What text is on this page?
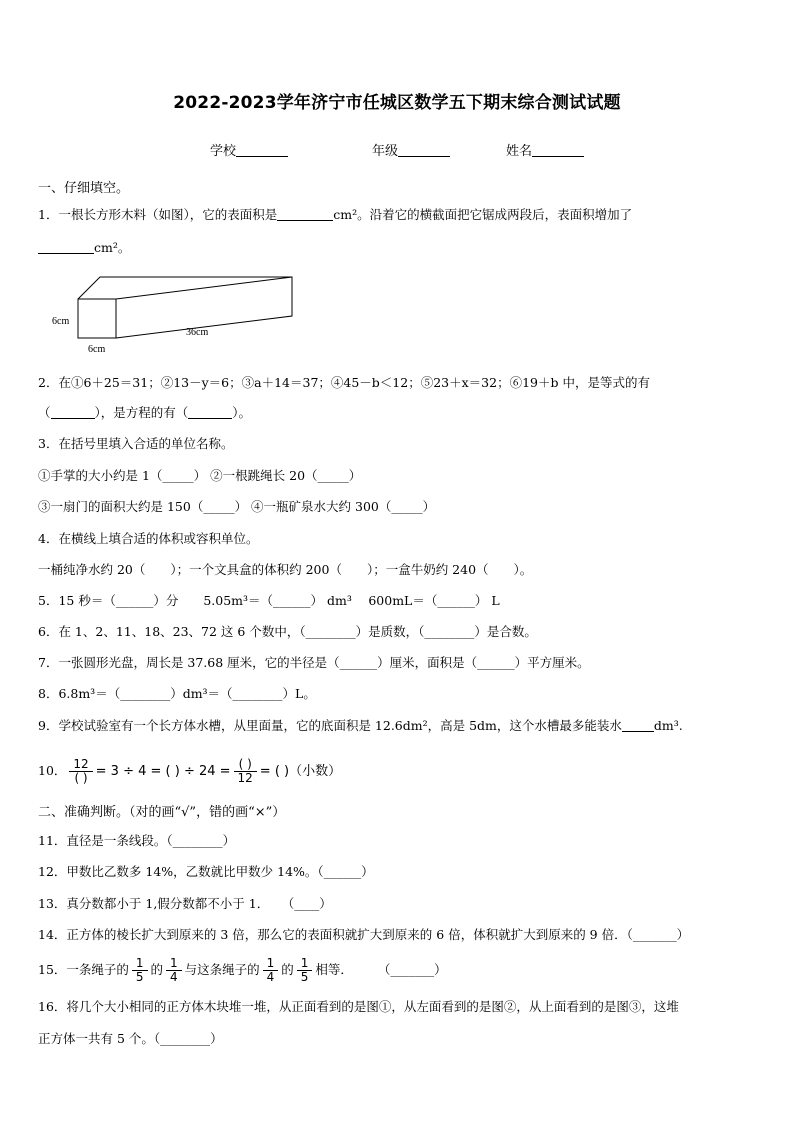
2022-2023学年济宁市任城区数学五下期末综合测试试题
学校	年级	姓名
一、仔细填空。
1．一根长方形木料（如图），它的表面积是	cm²。沿着它的横截面把它锯成两段后，表面积增加了
cm²。
6cm
6cm
36cm
2．在①6＋25＝31；②13－y＝6；③a＋14＝37；④45－b＜12；⑤23＋x＝32；⑥19＋b 中，是等式的有
（	），是方程的有（	）。
3．在括号里填入合适的单位名称。
①手掌的大小约是 1（_____） ②一根跳绳长 20（_____）
③一扇门的面积大约是 150（_____） ④一瓶矿泉水大约 300（_____）
4．在横线上填合适的体积或容积单位。
一桶纯净水约 20（　　）；一个文具盒的体积约 200（　　）；一盒牛奶约 240（　　）。
5．15 秒＝（______）分　　5.05m³＝（______） dm³　 600mL＝（______） L
6．在 1、2、11、18、23、72 这 6 个数中，（________）是质数，（________）是合数。
7．一张圆形光盘，周长是 37.68 厘米，它的半径是（______）厘米，面积是（______）平方厘米。
8．6.8m³＝（________）dm³＝（________）L。
9．学校试验室有一个长方体水槽，从里面量，它的底面积是 12.6dm²，高是 5dm，这个水槽最多能装水	dm³.
10． $\frac{12}{( )} = 3 \div 4$ = ( ) ÷ $24 = \frac{( )}{12}$ = ( )（小数）
二、准确判断。（对的画“√”，错的画“×”）
11．直径是一条线段。（________）
12．甲数比乙数多 14%，乙数就比甲数少 14%。（______）
13．真分数都小于 1,假分数都不小于 1．　　（____）
14．正方体的棱长扩大到原来的 3 倍，那么它的表面积就扩大到原来的 6 倍，体积就扩大到原来的 9 倍．（_______）
15．一条绳子的 $\frac{1}{5}$ 的 $\frac{1}{4}$ 与这条绳子的 $\frac{1}{4}$ 的 $\frac{1}{5}$ 相等．　　　（_______）
16．将几个大小相同的正方体木块堆一堆，从正面看到的是图①，从左面看到的是图②，从上面看到的是图③，这堆
正方体一共有 5 个。（________）
